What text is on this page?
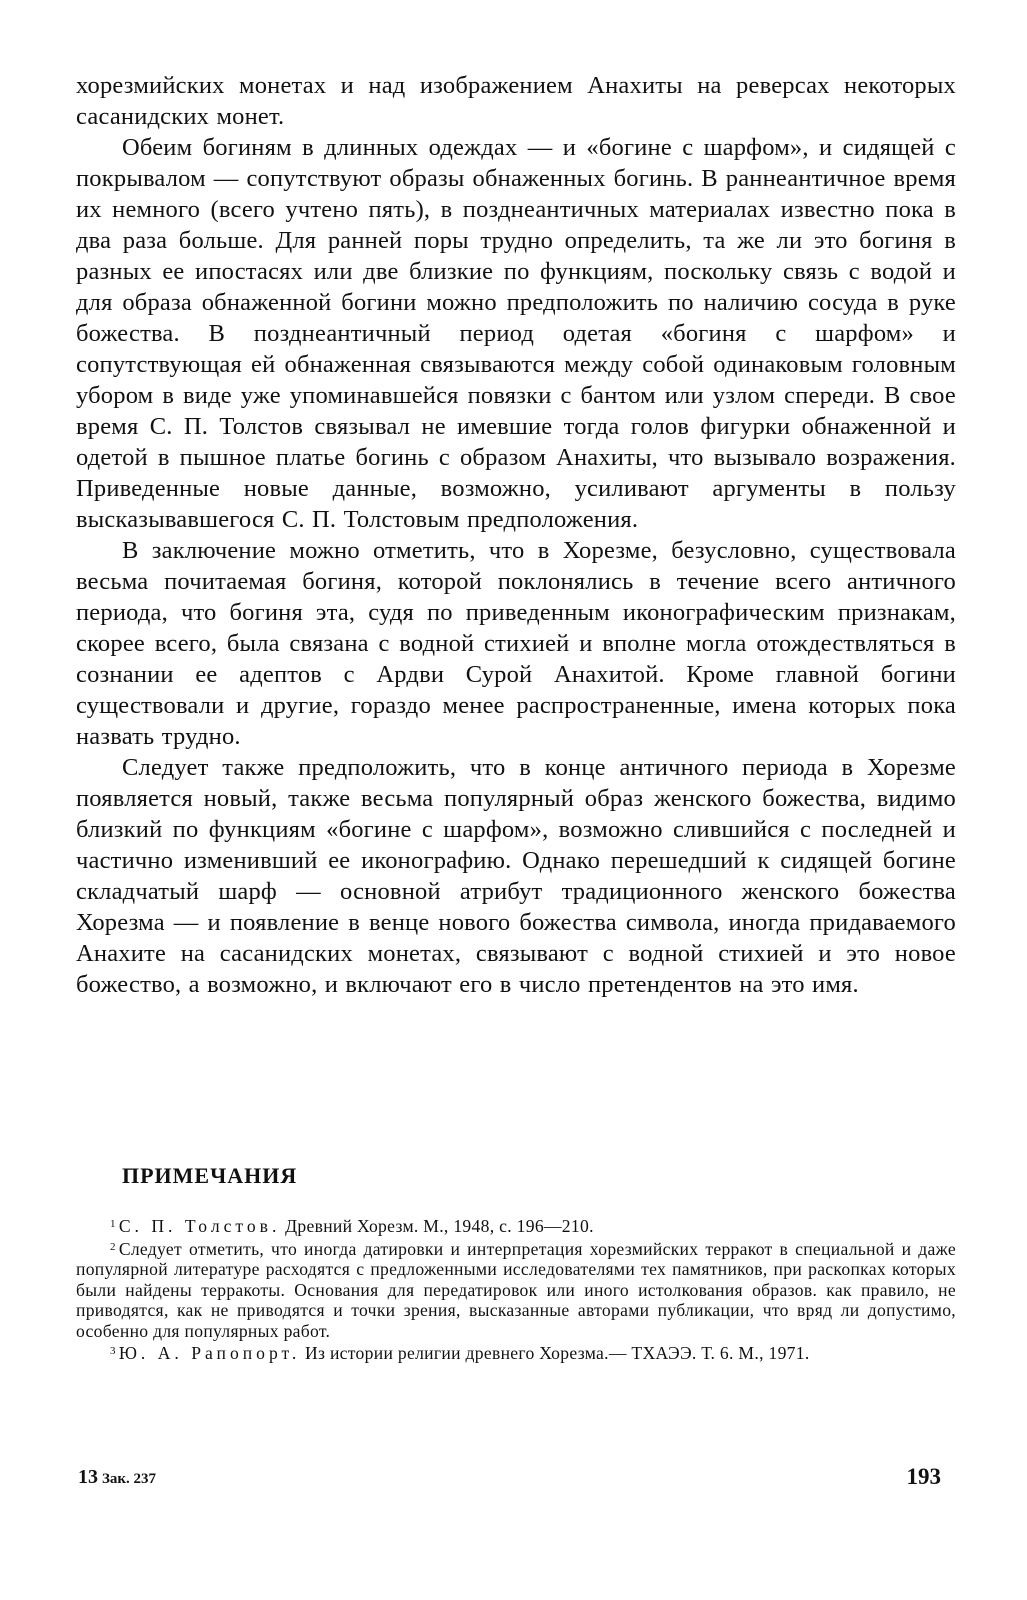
хорезмийских монетах и над изображением Анахиты на реверсах некоторых сасанидских монет.

Обеим богиням в длинных одеждах — и «богине с шарфом», и сидящей с покрывалом — сопутствуют образы обнаженных богинь. В раннеантичное время их немного (всего учтено пять), в позднеантичных материалах известно пока в два раза больше. Для ранней поры трудно определить, та же ли это богиня в разных ее ипостасях или две близкие по функциям, поскольку связь с водой и для образа обнаженной богини можно предположить по наличию сосуда в руке божества. В позднеантичный период одетая «богиня с шарфом» и сопутствующая ей обнаженная связываются между собой одинаковым головным убором в виде уже упоминавшейся повязки с бантом или узлом спереди. В свое время С. П. Толстов связывал не имевшие тогда голов фигурки обнаженной и одетой в пышное платье богинь с образом Анахиты, что вызывало возражения. Приведенные новые данные, возможно, усиливают аргументы в пользу высказывавшегося С. П. Толстовым предположения.

В заключение можно отметить, что в Хорезме, безусловно, существовала весьма почитаемая богиня, которой поклонялись в течение всего античного периода, что богиня эта, судя по приведенным иконографическим признакам, скорее всего, была связана с водной стихией и вполне могла отождествляться в сознании ее адептов с Ардви Сурой Анахитой. Кроме главной богини существовали и другие, гораздо менее распространенные, имена которых пока назвать трудно.

Следует также предположить, что в конце античного периода в Хорезме появляется новый, также весьма популярный образ женского божества, видимо близкий по функциям «богине с шарфом», возможно слившийся с последней и частично изменивший ее иконографию. Однако перешедший к сидящей богине складчатый шарф — основной атрибут традиционного женского божества Хорезма — и появление в венце нового божества символа, иногда придаваемого Анахите на сасанидских монетах, связывают с водной стихией и это новое божество, а возможно, и включают его в число претендентов на это имя.

ПРИМЕЧАНИЯ

$^1$ С. П. Толстов. Древний Хорезм. М., 1948, с. 196—210.

$^2$ Следует отметить, что иногда датировки и интерпретация хорезмийских терракот в специальной и даже популярной литературе расходятся с предложенными исследователями тех памятников, при раскопках которых были найдены терракоты. Основания для передатировок или иного истолкования образов. как правило, не приводятся, как не приводятся и точки зрения, высказанные авторами публикации, что вряд ли допустимо, особенно для популярных работ.

$^3$ Ю. А. Рапопорт. Из истории религии древнего Хорезма.— ТХАЭЭ. Т. 6. М., 1971.

13 Зак. 237	193
